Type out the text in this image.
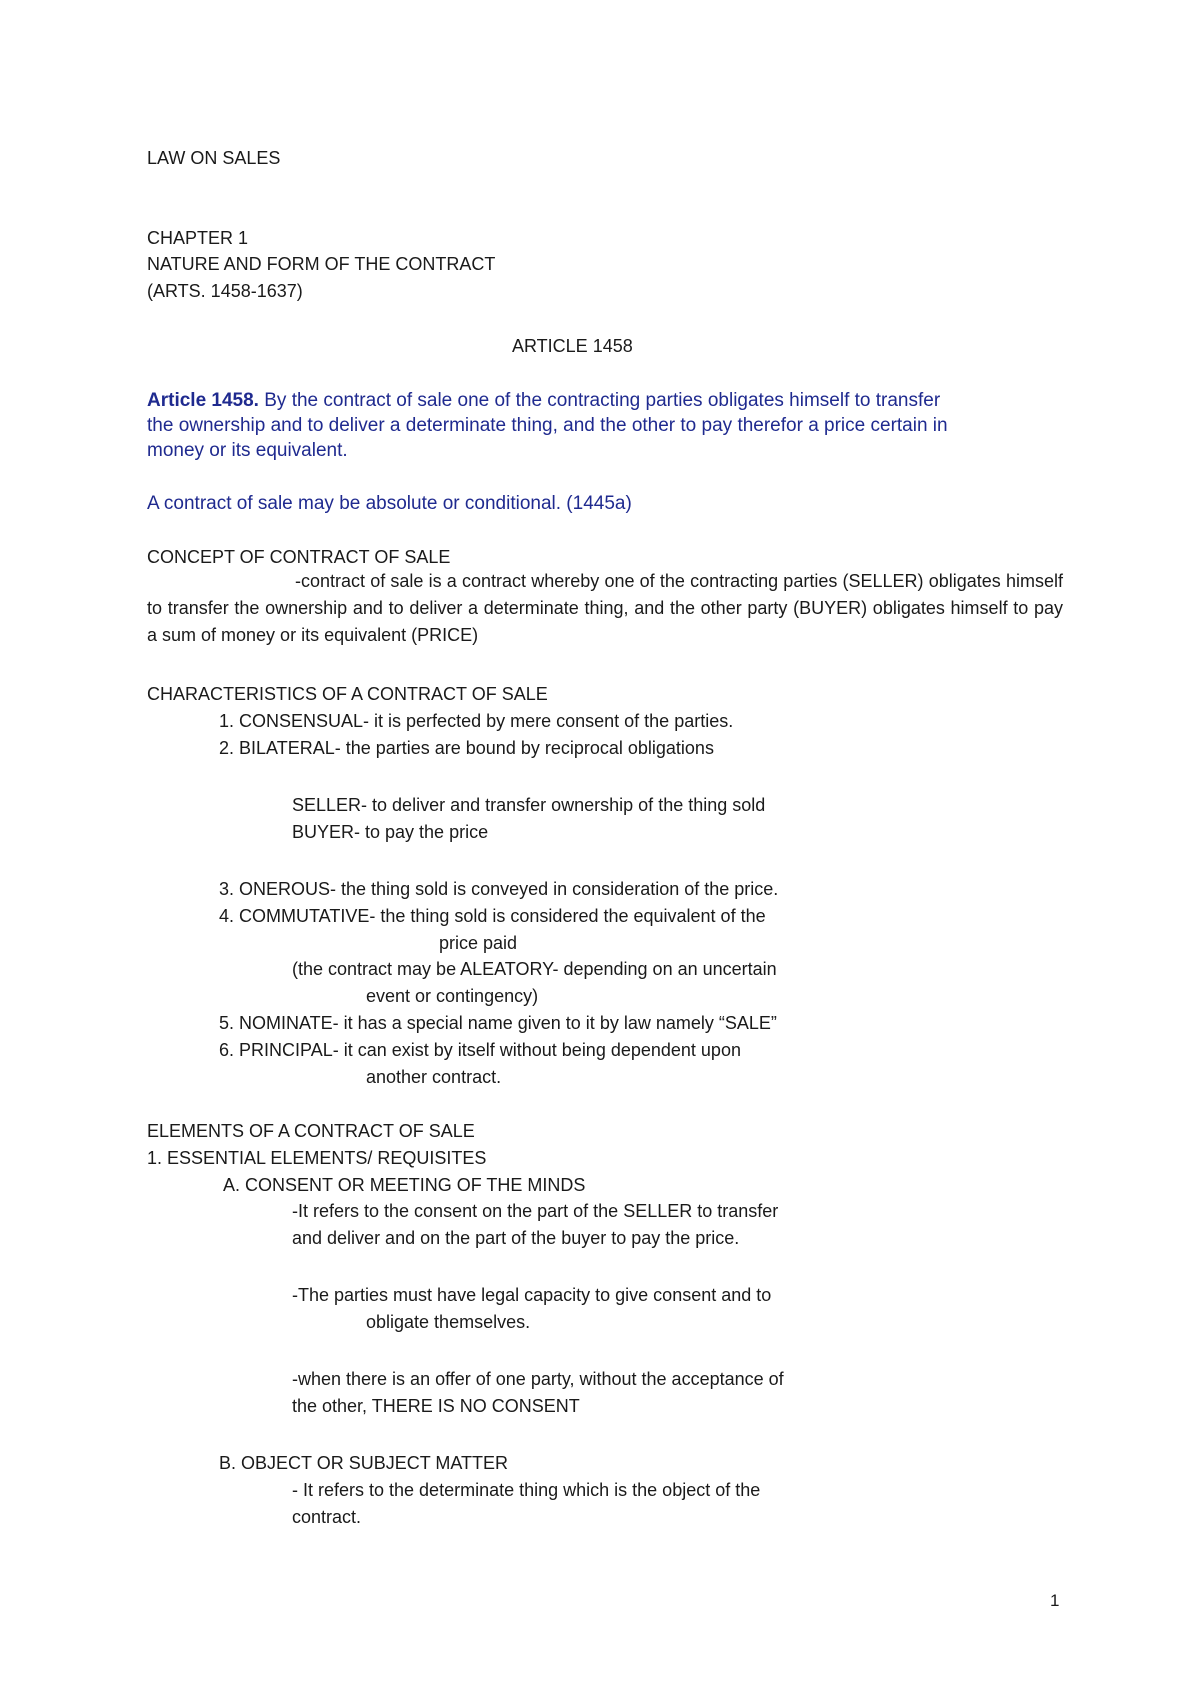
LAW ON SALES
CHAPTER 1
NATURE AND FORM OF THE CONTRACT
(ARTS. 1458-1637)
ARTICLE 1458
Article 1458. By the contract of sale one of the contracting parties obligates himself to transfer
the ownership and to deliver a determinate thing, and the other to pay therefor a price certain in
money or its equivalent.
A contract of sale may be absolute or conditional. (1445a)
CONCEPT OF CONTRACT OF SALE
-contract of sale is a contract whereby one of the contracting parties (SELLER) obligates himself to transfer the ownership and to deliver a determinate thing, and the other party (BUYER) obligates himself to pay a sum of money or its equivalent (PRICE)
CHARACTERISTICS OF A CONTRACT OF SALE
1. CONSENSUAL- it is perfected by mere consent of the parties.
2. BILATERAL- the parties are bound by reciprocal obligations
SELLER- to deliver and transfer ownership of the thing sold
BUYER- to pay the price
3. ONEROUS- the thing sold is conveyed in consideration of the price.
4. COMMUTATIVE- the thing sold is considered the equivalent of the
price paid
(the contract may be ALEATORY- depending on an uncertain
event or contingency)
5. NOMINATE- it has a special name given to it by law namely “SALE”
6. PRINCIPAL- it can exist by itself without being dependent upon
another contract.
ELEMENTS OF A CONTRACT OF SALE
1. ESSENTIAL ELEMENTS/ REQUISITES
A. CONSENT OR MEETING OF THE MINDS
-It refers to the consent on the part of the SELLER to transfer
and deliver and on the part of the buyer to pay the price.
-The parties must have legal capacity to give consent and to
obligate themselves.
-when there is an offer of one party, without the acceptance of
the other, THERE IS NO CONSENT
B. OBJECT OR SUBJECT MATTER
- It refers to the determinate thing which is the object of the
contract.
1
